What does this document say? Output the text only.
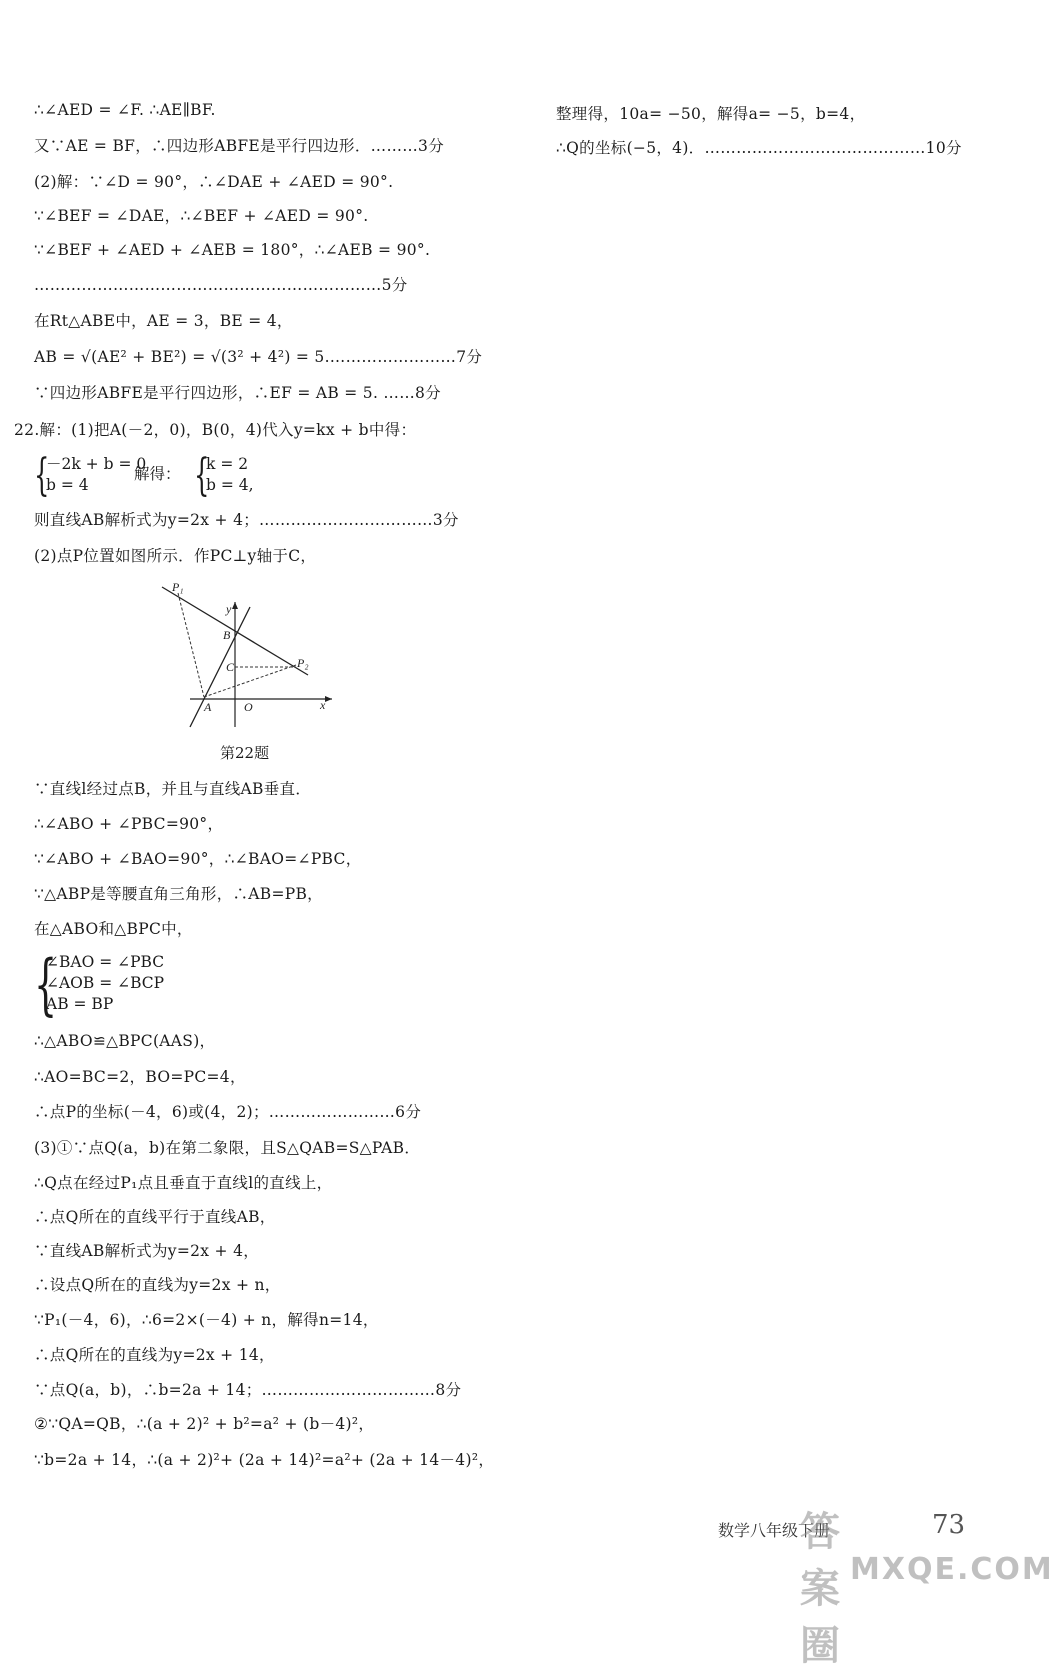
∴∠AED = ∠F. ∴AE∥BF.
又∵AE = BF，∴四边形ABFE是平行四边形．………3分
(2)解：∵∠D = 90°，∴∠DAE + ∠AED = 90°.
∵∠BEF = ∠DAE，∴∠BEF + ∠AED = 90°.
∵∠BEF + ∠AED + ∠AEB = 180°，∴∠AEB = 90°.
…………………………………………………………5分
在Rt△ABE中，AE = 3，BE = 4，
AB = √(AE² + BE²) = √(3² + 4²) = 5.……………………7分
∵四边形ABFE是平行四边形，∴EF = AB = 5. ……8分
22.解：(1)把A(－2，0)，B(0，4)代入y=kx + b中得：
{
－2k + b = 0
b = 4
解得： {
k = 2
b = 4,
则直线AB解析式为y=2x + 4；……………………………3分
(2)点P位置如图所示．作PC⊥y轴于C，
P₁
P₂
y
x
B
C
A	O
第22题
∵直线l经过点B，并且与直线AB垂直．
∴∠ABO + ∠PBC=90°，
∵∠ABO + ∠BAO=90°，∴∠BAO=∠PBC，
∵△ABP是等腰直角三角形，∴AB=PB，
在△ABO和△BPC中，
{
∠BAO = ∠PBC
∠AOB = ∠BCP
AB = BP
∴△ABO≌△BPC(AAS)，
∴AO=BC=2，BO=PC=4，
∴点P的坐标(－4，6)或(4，2)；……………………6分
(3)①∵点Q(a，b)在第二象限，且S△QAB=S△PAB．
∴Q点在经过P₁点且垂直于直线l的直线上，
∴点Q所在的直线平行于直线AB，
∵直线AB解析式为y=2x + 4，
∴设点Q所在的直线为y=2x + n，
∵P₁(－4，6)，∴6=2×(－4) + n，解得n=14，
∴点Q所在的直线为y=2x + 14，
∵点Q(a，b)，∴b=2a + 14；……………………………8分
②∵QA=QB，∴(a + 2)² + b²=a² + (b－4)²，
∵b=2a + 14，∴(a + 2)²+ (2a + 14)²=a²+ (2a + 14－4)²，
整理得，10a= −50，解得a= −5，b=4，
∴Q的坐标(−5，4)．……………………………………10分
数学八年级下册	73
答案圈
MXQE.COM
